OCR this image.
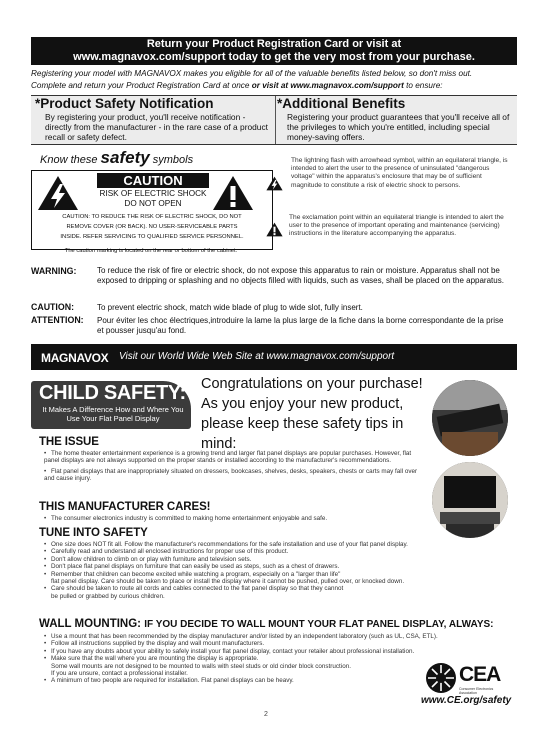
Return your Product Registration Card or visit at
www.magnavox.com/support today to get the very most from your purchase.
Registering your model with MAGNAVOX makes you eligible for all of the valuable benefits listed below, so don't miss out.
Complete and return your Product Registration Card at once or visit at www.magnavox.com/support to ensure:
*Product Safety Notification
By registering your product, you'll receive notification - directly from the manufacturer - in the rare case of a product recall or safety defect.
*Additional Benefits
Registering your product guarantees that you'll receive all of the privileges to which you're entitled, including special money-saving offers.
Know these safety symbols
CAUTION
RISK OF ELECTRIC SHOCK
DO NOT OPEN
CAUTION: TO REDUCE THE RISK OF ELECTRIC SHOCK, DO NOT
REMOVE COVER (OR BACK). NO USER-SERVICEABLE PARTS
INSIDE. REFER SERVICING TO QUALIFIED SERVICE PERSONNEL.
The caution marking is located on the rear or bottom of the cabinet.
The lightning flash with arrowhead symbol, within an equilateral triangle, is intended to alert the user to the presence of uninsulated "dangerous voltage" within the apparatus's enclosure that may be of sufficient magnitude to constitute a risk of electric shock to persons.
The exclamation point within an equilateral triangle is intended to alert the user to the presence of important operating and maintenance (servicing) instructions in the literature accompanying the apparatus.
WARNING:	To reduce the risk of fire or electric shock, do not expose this apparatus to rain or moisture. Apparatus shall not be exposed to dripping or splashing and no objects filled with liquids, such as vases, shall be placed on the apparatus.
CAUTION:	To prevent electric shock, match wide blade of plug to wide slot, fully insert.
ATTENTION: Pour éviter les choc électriques,introduire la lame la plus large de la fiche dans la borne correspondante de la prise et pousser jusqu'au fond.
MAGNAVOX Visit our World Wide Web Site at www.magnavox.com/support
CHILD SAFETY:
It Makes A Difference How and Where You Use Your Flat Panel Display
Congratulations on your purchase!
As you enjoy your new product,
please keep these safety tips in mind:
THE ISSUE
• The home theater entertainment experience is a growing trend and larger flat panel displays are popular purchases. However, flat panel displays are not always supported on the proper stands or installed according to the manufacturer's recommendations.
• Flat panel displays that are inappropriately situated on dressers, bookcases, shelves, desks, speakers, chests or carts may fall over and cause injury.
THIS MANUFACTURER CARES!
• The consumer electronics industry is committed to making home entertainment enjoyable and safe.
TUNE INTO SAFETY
• One size does NOT fit all. Follow the manufacturer's recommendations for the safe installation and use of your flat panel display.
• Carefully read and understand all enclosed instructions for proper use of this product.
• Don't allow children to climb on or play with furniture and television sets.
• Don't place flat panel displays on furniture that can easily be used as steps, such as a chest of drawers.
• Remember that children can become excited while watching a program, especially on a "larger than life"
flat panel display. Care should be taken to place or install the display where it cannot be pushed, pulled over, or knocked down.
• Care should be taken to route all cords and cables connected to the flat panel display so that they cannot
be pulled or grabbed by curious children.
WALL MOUNTING: IF YOU DECIDE TO WALL MOUNT YOUR FLAT PANEL DISPLAY, ALWAYS:
• Use a mount that has been recommended by the display manufacturer and/or listed by an independent laboratory (such as UL, CSA, ETL).
• Follow all instructions supplied by the display and wall mount manufacturers.
• If you have any doubts about your ability to safely install your flat panel display, contact your retailer about professional installation.
• Make sure that the wall where you are mounting the display is appropriate.
Some wall mounts are not designed to be mounted to walls with steel studs or old cinder block construction.
If you are unsure, contact a professional installer.
• A minimum of two people are required for installation. Flat panel displays can be heavy.	CEA
Consumer Electronics Association
www.CE.org/safety
2
